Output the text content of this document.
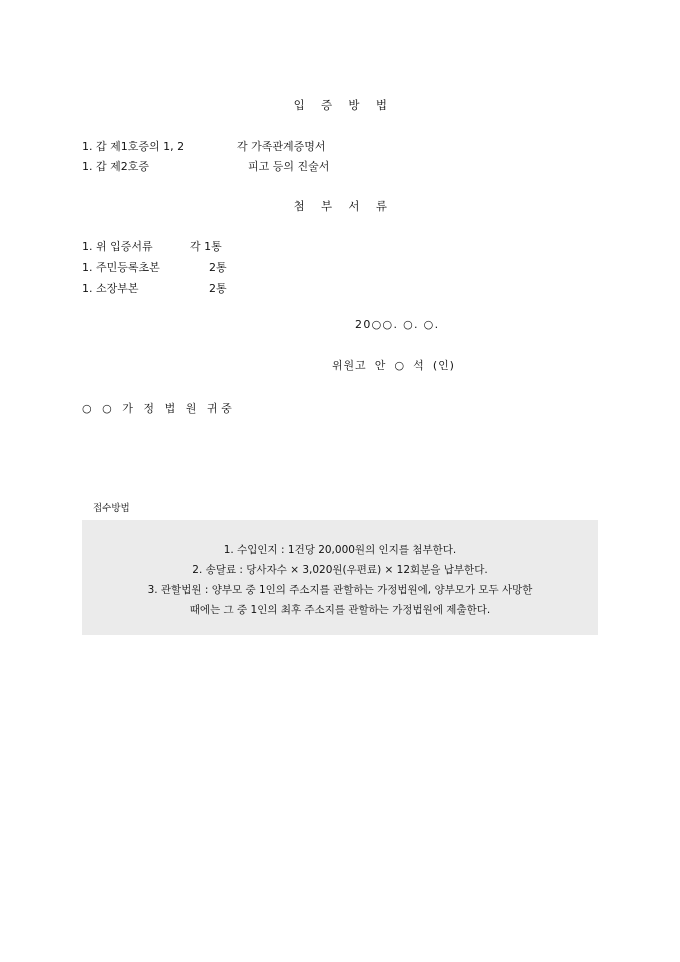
입 증 방 법
1. 갑 제1호증의 1, 2	각 가족관계증명서
1. 갑 제2호증	피고 등의 진술서
첨 부 서 류
1. 위 입증서류	각 1통
1. 주민등록초본	2통
1. 소장부본	2통
20○○. ○. ○.
위원고 안 ○ 석 (인)
○ ○ 가 정 법 원 귀중
접수방법
1. 수입인지 : 1건당 20,000원의 인지를 첨부한다.
2. 송달료 : 당사자수 × 3,020원(우편료) × 12회분을 납부한다.
3. 관할법원 : 양부모 중 1인의 주소지를 관할하는 가정법원에, 양부모가 모두 사망한
때에는 그 중 1인의 최후 주소지를 관할하는 가정법원에 제출한다.
